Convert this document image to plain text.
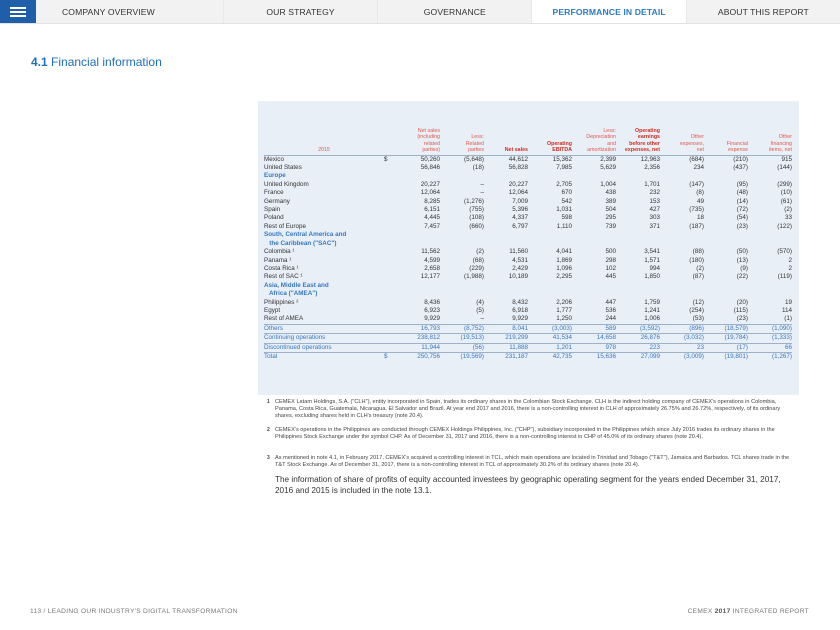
COMPANY OVERVIEW	OUR STRATEGY	GOVERNANCE	PERFORMANCE IN DETAIL	ABOUT THIS REPORT
4.1 Financial information
2015		Net sales
(including
related
parties)	Less:
Related
parties	Net sales	Operating
EBITDA	Less:
Depreciation
and
amortization	Operating
earnings
before other
expenses, net	Other
expenses,
net	Financial
expense	Other
financing
items, net
Mexico	$	50,260	(5,648)	44,612	15,362	2,399	12,963	(684)	(210)	915
United States		56,846	(18)	56,828	7,985	5,629	2,356	234	(437)	(144)
Europe										
United Kingdom		20,227	–	20,227	2,705	1,004	1,701	(147)	(95)	(299)
France		12,064	–	12,064	670	438	232	(8)	(48)	(10)
Germany		8,285	(1,276)	7,009	542	389	153	49	(14)	(61)
Spain		6,151	(755)	5,396	1,031	504	427	(735)	(72)	(2)
Poland		4,445	(108)	4,337	598	295	303	18	(54)	33
Rest of Europe		7,457	(660)	6,797	1,110	739	371	(187)	(23)	(122)
South, Central America and										
the Caribbean ("SAC")										
Colombia ¹		11,562	(2)	11,560	4,041	500	3,541	(88)	(50)	(570)
Panama ¹		4,599	(68)	4,531	1,869	298	1,571	(180)	(13)	2
Costa Rica ¹		2,658	(229)	2,429	1,096	102	994	(2)	(9)	2
Rest of SAC ¹		12,177	(1,988)	10,189	2,295	445	1,850	(87)	(22)	(119)
Asia, Middle East and										
Africa ("AMEA")										
Philippines ²		8,436	(4)	8,432	2,206	447	1,759	(12)	(20)	19
Egypt		6,923	(5)	6,918	1,777	536	1,241	(254)	(115)	114
Rest of AMEA		9,929	–	9,929	1,250	244	1,006	(53)	(23)	(1)
Others		16,793	(8,752)	8,041	(3,003)	589	(3,592)	(896)	(18,579)	(1,090)
Continuing operations		238,812	(19,513)	219,299	41,534	14,658	26,876	(3,032)	(19,784)	(1,333)
Discontinued operations		11,944	(56)	11,888	1,201	978	223	23	(17)	66
Total	$	250,756	(19,569)	231,187	42,735	15,636	27,099	(3,009)	(19,801)	(1,267)
1 CEMEX Latam Holdings, S.A. ("CLH"), entity incorporated in Spain, trades its ordinary shares in the Colombian Stock Exchange. CLH is the indirect holding company of CEMEX's operations in Colombia, Panama, Costa Rica, Guatemala, Nicaragua, El Salvador and Brazil. At year end 2017 and 2016, there is a non-controlling interest in CLH of approximately 26.75% and 26.72%, respectively, of its ordinary shares, excluding shares held in CLH's treasury (note 20.4).
2 CEMEX's operations in the Philippines are conducted through CEMEX Holdings Philippines, Inc. ("CHP"), subsidiary incorporated in the Philippines which since July 2016 trades its ordinary shares in the Philippines Stock Exchange under the symbol CHP. As of December 31, 2017 and 2016, there is a non-controlling interest in CHP of 45.0% of its ordinary shares (note 20.4).
3 As mentioned in note 4.1, in February 2017, CEMEX's acquired a controlling interest in TCL, which main operations are located in Trinidad and Tobago ("T&T"), Jamaica and Barbados. TCL shares trade in the T&T Stock Exchange. As of December 31, 2017, there is a non-controlling interest in TCL of approximately 30.2% of its ordinary shares (note 20.4).
The information of share of profits of equity accounted investees by geographic operating segment for the years ended December 31, 2017, 2016 and 2015 is included in the note 13.1.
113 / LEADING OUR INDUSTRY'S DIGITAL TRANSFORMATION	CEMEX 2017 INTEGRATED REPORT
